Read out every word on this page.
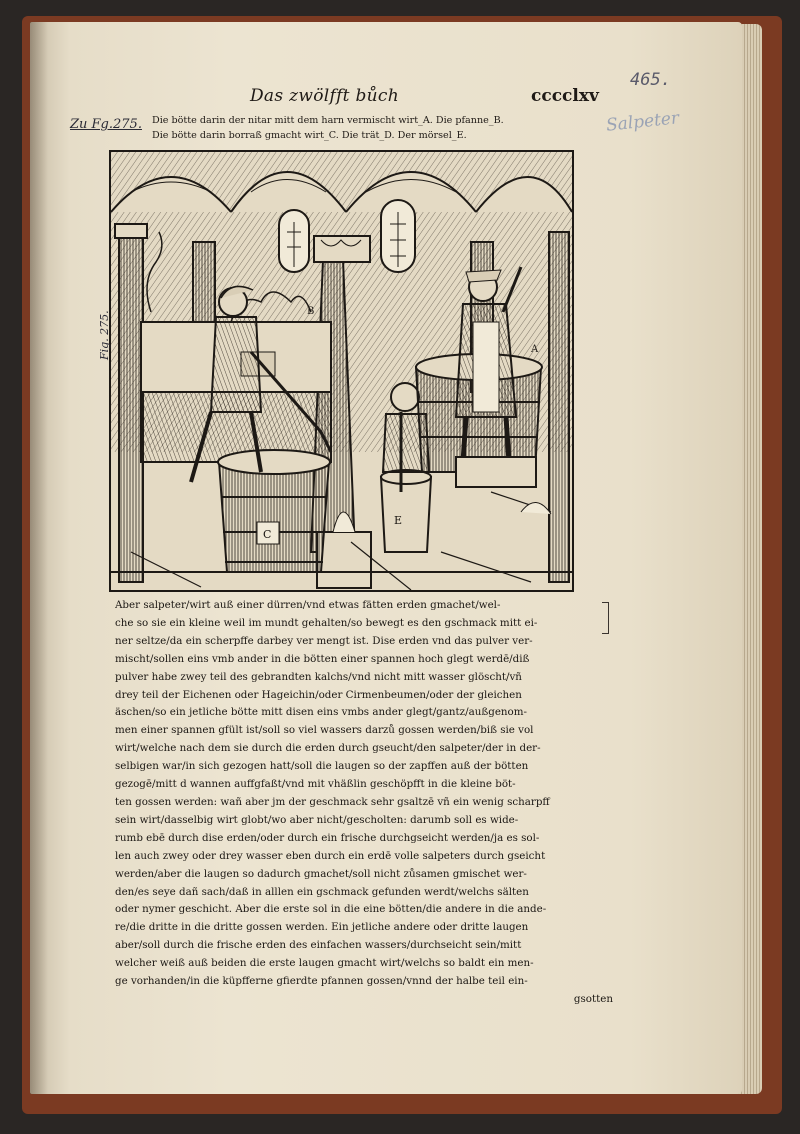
Das zwölfft bůch	cccclxv
465.
Salpeter
Zu Fg.275. Die bötte darin der nitar mitt dem harn vermischt wirt_A. Die pfanne_B.
Die bötte darin borraß gmacht wirt_C. Die trät_D. Der mörsel_E.
B
C
E
A
Fig. 275.
Aber salpeter/wirt auß einer dürren/vnd etwas fätten erden gmachet/wel-
che so sie ein kleine weil im mundt gehalten/so bewegt es den gschmack mitt ei-
ner seltze/da ein scherpffe darbey ver mengt ist. Dise erden vnd das pulver ver-
mischt/sollen eins vmb ander in die bötten einer spannen hoch glegt werdē/diß
pulver habe zwey teil des gebrandten kalchs/vnd nicht mitt wasser glöscht/vñ
drey teil der Eichenen oder Hageichin/oder Cirmenbeumen/oder der gleichen
äschen/so ein jetliche bötte mitt disen eins vmbs ander glegt/gantz/außgenom-
men einer spannen gfült ist/soll so viel wassers darzů gossen werden/biß sie vol
wirt/welche nach dem sie durch die erden durch gseucht/den salpeter/der in der-
selbigen war/in sich gezogen hatt/soll die laugen so der zapffen auß der bötten
gezogē/mitt d wannen auffgfaßt/vnd mit vhäßlin geschöpfft in die kleine böt-
ten gossen werden: wañ aber jm der geschmack sehr gsaltzē vñ ein wenig scharpff
sein wirt/dasselbig wirt globt/wo aber nicht/gescholten: darumb soll es wide-
rumb ebē durch dise erden/oder durch ein frische durchgseicht werden/ja es sol-
len auch zwey oder drey wasser eben durch ein erdē volle salpeters durch gseicht
werden/aber die laugen so dadurch gmachet/soll nicht zůsamen gmischet wer-
den/es seye dañ sach/daß in alllen ein gschmack gefunden werdt/welchs sälten
oder nymer geschicht. Aber die erste sol in die eine bötten/die andere in die ande-
re/die dritte in die dritte gossen werden. Ein jetliche andere oder dritte laugen
aber/soll durch die frische erden des einfachen wassers/durchseicht sein/mitt
welcher weiß auß beiden die erste laugen gmacht wirt/welchs so baldt ein men-
ge vorhanden/in die küpfferne gfierdte pfannen gossen/vnnd der halbe teil ein-
gsotten
